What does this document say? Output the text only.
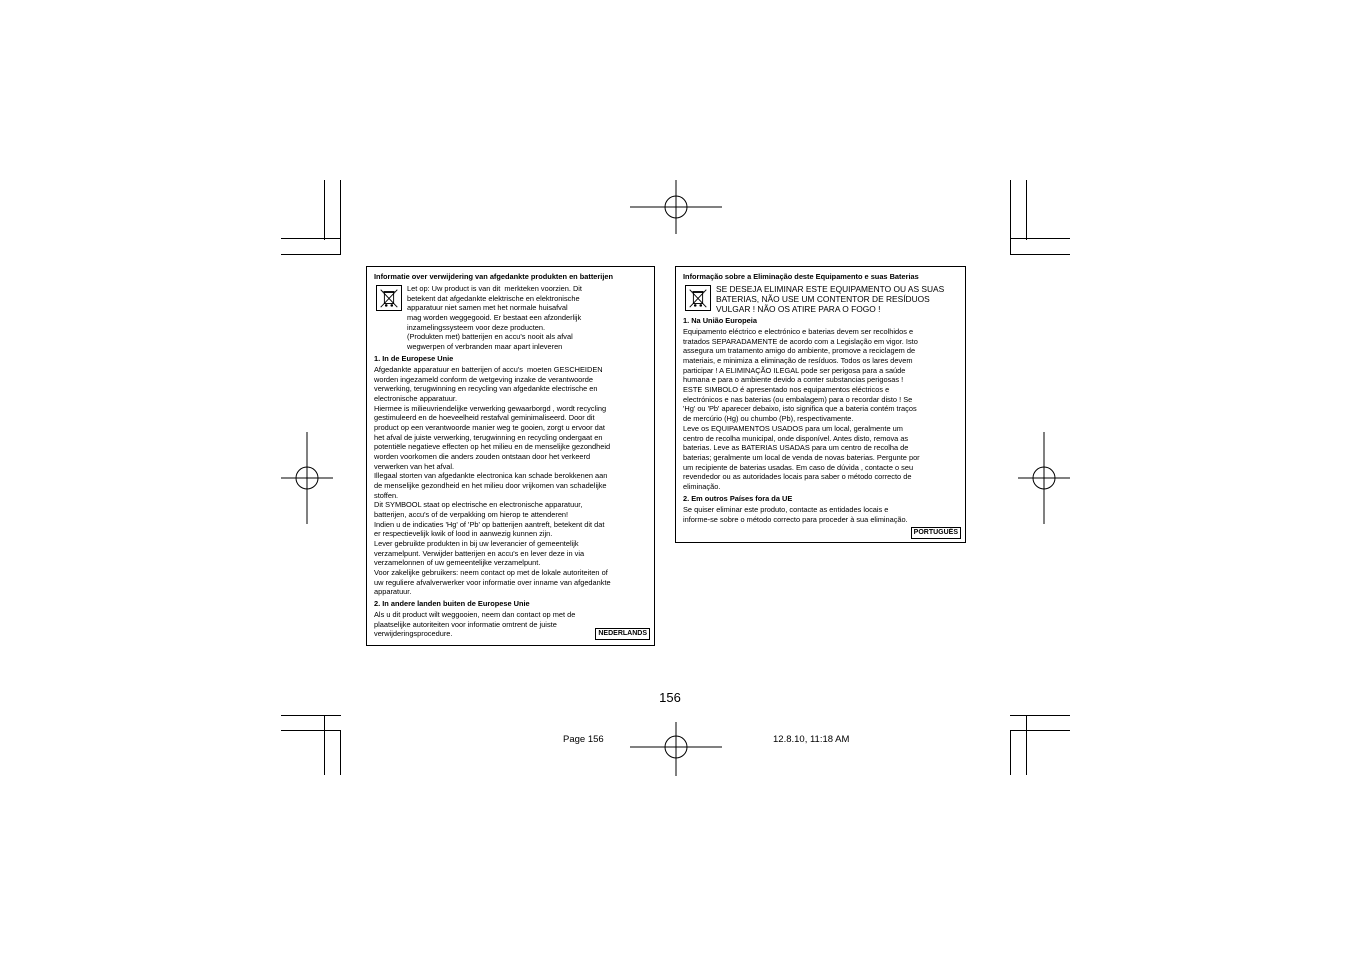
Informatie over verwijdering van afgedankte produkten en batterijen
Let op: Uw product is van dit  merkteken voorzien. Dit
betekent dat afgedankte elektrische en elektronische
apparatuur niet samen met het normale huisafval
mag worden weggegooid. Er bestaat een afzonderlijk
inzamelingssysteem voor deze producten.
(Produkten met) batterijen en accu's nooit als afval
wegwerpen of verbranden maar apart inleveren
1. In de Europese Unie
Afgedankte apparatuur en batterijen of accu's  moeten GESCHEIDEN
worden ingezameld conform de wetgeving inzake de verantwoorde
verwerking, terugwinning en recycling van afgedankte electrische en
electronische apparatuur.
Hiermee is milieuvriendelijke verwerking gewaarborgd , wordt recycling
gestimuleerd en de hoeveelheid restafval geminimaliseerd. Door dit
product op een verantwoorde manier weg te gooien, zorgt u ervoor dat
het afval de juiste verwerking, terugwinning en recycling ondergaat en
potentiële negatieve effecten op het milieu en de menselijke gezondheid
worden voorkomen die anders zouden ontstaan door het verkeerd
verwerken van het afval.
Illegaal storten van afgedankte electronica kan schade berokkenen aan
de menselijke gezondheid en het milieu door vrijkomen van schadelijke
stoffen.
Dit SYMBOOL staat op electrische en electronische apparatuur,
batterijen, accu's of de verpakking om hierop te attenderen!
Indien u de indicaties 'Hg' of 'Pb' op batterijen aantreft, betekent dit dat
er respectievelijk kwik of lood in aanwezig kunnen zijn.
Lever gebruikte produkten in bij uw leverancier of gemeentelijk
verzamelpunt. Verwijder batterijen en accu's en lever deze in via
verzamelonnen of uw gemeentelijke verzamelpunt.
Voor zakelijke gebruikers: neem contact op met de lokale autoriteiten of
uw reguliere afvalverwerker voor informatie over inname van afgedankte
apparatuur.
2. In andere landen buiten de Europese Unie
Als u dit product wilt weggooien, neem dan contact op met de
plaatselijke autoriteiten voor informatie omtrent de juiste
verwijderingsprocedure.	NEDERLANDS
Informação sobre a Eliminação deste Equipamento e suas Baterias
SE DESEJA ELIMINAR ESTE EQUIPAMENTO OU AS SUAS
BATERIAS, NÃO USE UM CONTENTOR DE RESÍDUOS
VULGAR ! NÃO OS ATIRE PARA O FOGO !
1. Na União Europeia
Equipamento eléctrico e electrónico e baterias devem ser recolhidos e
tratados SEPARADAMENTE de acordo com a Legislação em vigor. Isto
assegura um tratamento amigo do ambiente, promove a reciclagem de
materiais, e minimiza a eliminação de resíduos. Todos os lares devem
participar ! A ELIMINAÇÃO ILEGAL pode ser perigosa para a saúde
humana e para o ambiente devido a conter substancias perigosas !
ESTE SIMBOLO é apresentado nos equipamentos eléctricos e
electrónicos e nas baterias (ou embalagem) para o recordar disto ! Se
'Hg' ou 'Pb' aparecer debaixo, isto significa que a bateria contém traços
de mercúrio (Hg) ou chumbo (Pb), respectivamente.
Leve os EQUIPAMENTOS USADOS para um local, geralmente um
centro de recolha municipal, onde disponível. Antes disto, remova as
baterias. Leve as BATERIAS USADAS para um centro de recolha de
baterias; geralmente um local de venda de novas baterias. Pergunte por
um recipiente de baterias usadas. Em caso de dúvida , contacte o seu
revendedor ou as autoridades locais para saber o método correcto de
eliminação.
2. Em outros Países fora da UE
Se quiser eliminar este produto, contacte as entidades locais e
informe-se sobre o método correcto para proceder à sua eliminação.
PORTUGUÊS
156
Page 156	12.8.10, 11:18 AM
